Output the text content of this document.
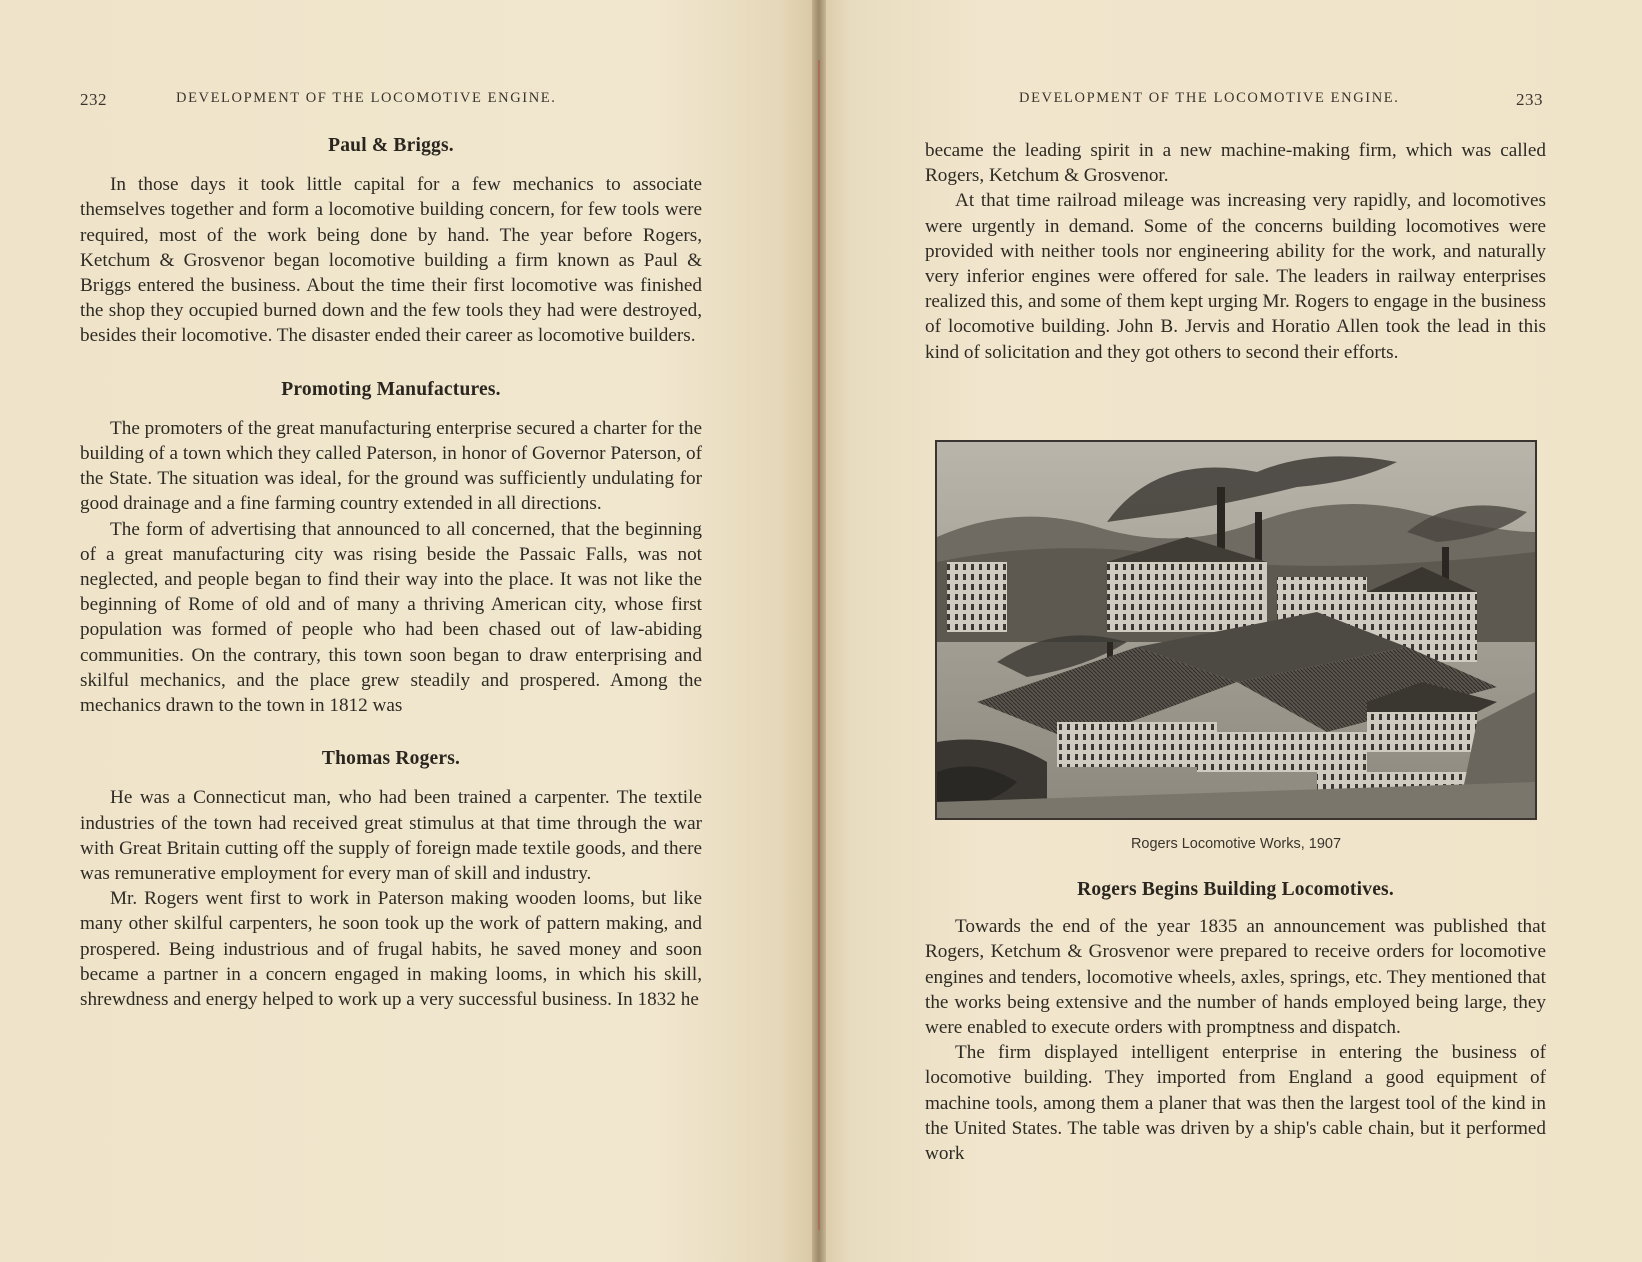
232	DEVELOPMENT OF THE LOCOMOTIVE ENGINE.
Paul & Briggs.

In those days it took little capital for a few mechanics to associate themselves together and form a locomotive building concern, for few tools were required, most of the work being done by hand. The year before Rogers, Ketchum & Grosvenor began locomotive building a firm known as Paul & Briggs entered the business. About the time their first locomotive was finished the shop they occupied burned down and the few tools they had were destroyed, besides their locomotive. The disaster ended their career as locomotive builders.

Promoting Manufactures.

The promoters of the great manufacturing enterprise secured a charter for the building of a town which they called Paterson, in honor of Governor Paterson, of the State. The situation was ideal, for the ground was sufficiently undulating for good drainage and a fine farming country extended in all directions.

The form of advertising that announced to all concerned, that the beginning of a great manufacturing city was rising beside the Passaic Falls, was not neglected, and people began to find their way into the place. It was not like the beginning of Rome of old and of many a thriving American city, whose first population was formed of people who had been chased out of law-abiding communities. On the contrary, this town soon began to draw enterprising and skilful mechanics, and the place grew steadily and prospered. Among the mechanics drawn to the town in 1812 was

Thomas Rogers.

He was a Connecticut man, who had been trained a carpenter. The textile industries of the town had received great stimulus at that time through the war with Great Britain cutting off the supply of foreign made textile goods, and there was remunerative employment for every man of skill and industry.

Mr. Rogers went first to work in Paterson making wooden looms, but like many other skilful carpenters, he soon took up the work of pattern making, and prospered. Being industrious and of frugal habits, he saved money and soon became a partner in a concern engaged in making looms, in which his skill, shrewdness and energy helped to work up a very successful business. In 1832 he

DEVELOPMENT OF THE LOCOMOTIVE ENGINE.	233

became the leading spirit in a new machine-making firm, which was called Rogers, Ketchum & Grosvenor.

At that time railroad mileage was increasing very rapidly, and locomotives were urgently in demand. Some of the concerns building locomotives were provided with neither tools nor engineering ability for the work, and naturally very inferior engines were offered for sale. The leaders in railway enterprises realized this, and some of them kept urging Mr. Rogers to engage in the business of locomotive building. John B. Jervis and Horatio Allen took the lead in this kind of solicitation and they got others to second their efforts.

Rogers Locomotive Works, 1907
Rogers Begins Building Locomotives.

Towards the end of the year 1835 an announcement was published that Rogers, Ketchum & Grosvenor were prepared to receive orders for locomotive engines and tenders, locomotive wheels, axles, springs, etc. They mentioned that the works being extensive and the number of hands employed being large, they were enabled to execute orders with promptness and dispatch.

The firm displayed intelligent enterprise in entering the business of locomotive building. They imported from England a good equipment of machine tools, among them a planer that was then the largest tool of the kind in the United States. The table was driven by a ship's cable chain, but it performed work
